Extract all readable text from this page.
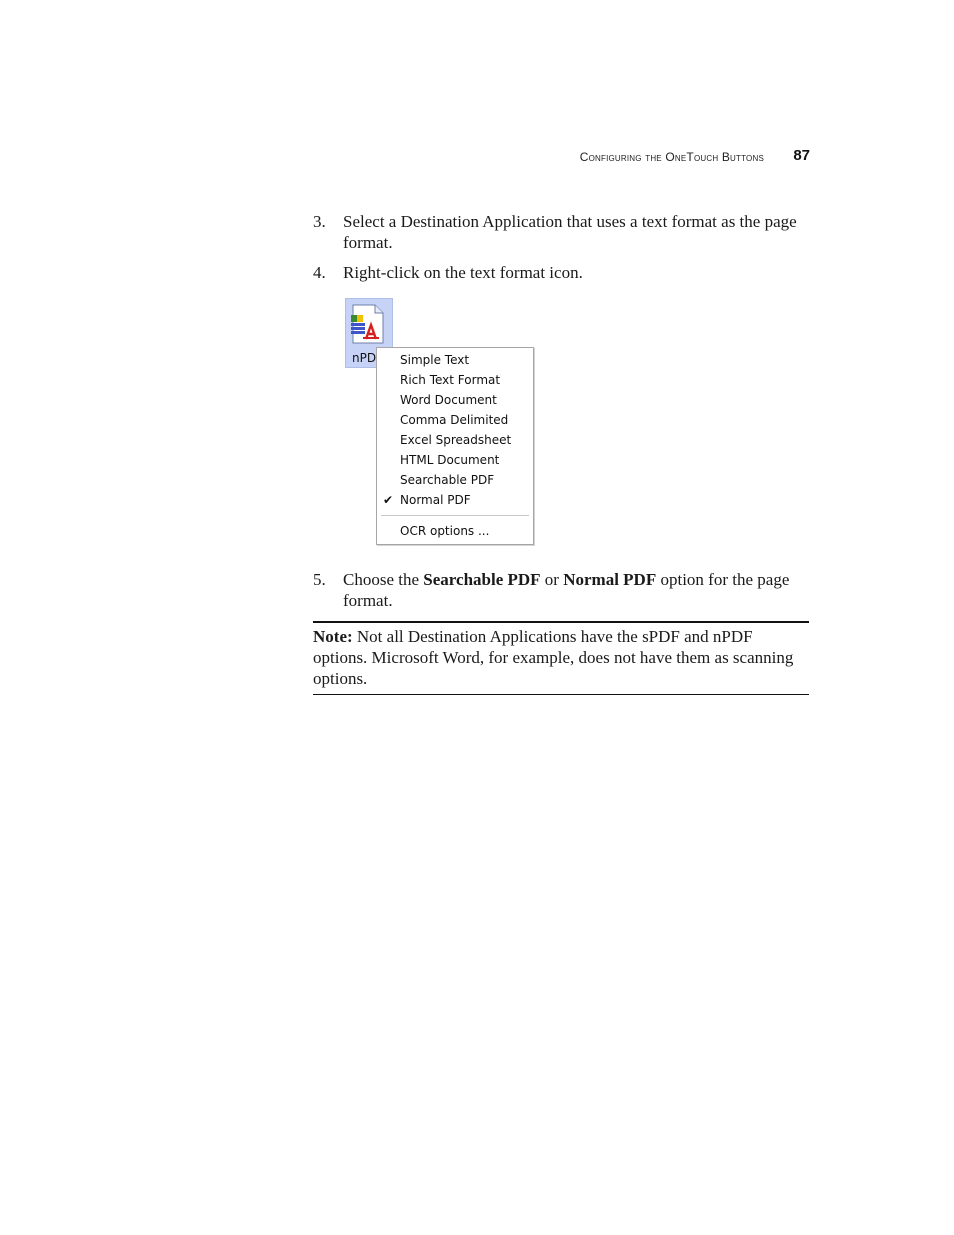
Configuring the OneTouch Buttons 87
3. Select a Destination Application that uses a text format as the page format.
4. Right-click on the text format icon.
nPD Simple Text
Rich Text Format
Word Document
Comma Delimited
Excel Spreadsheet
HTML Document
Searchable PDF
✔ Normal PDF
OCR options ...
5. Choose the Searchable PDF or Normal PDF option for the page format.
Note: Not all Destination Applications have the sPDF and nPDF options. Microsoft Word, for example, does not have them as scanning options.
